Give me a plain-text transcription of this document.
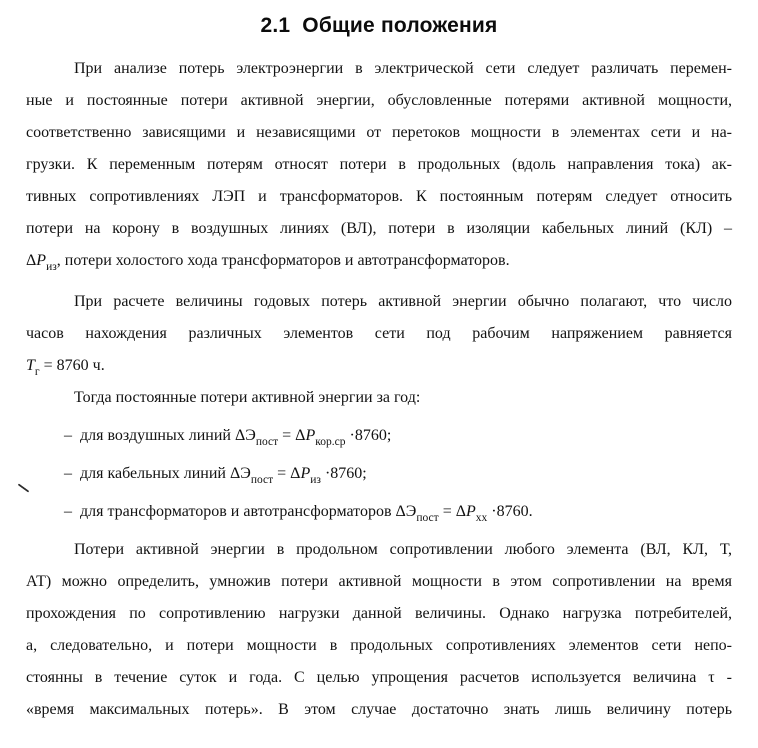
2.1 Общие положения
При анализе потерь электроэнергии в электрической сети следует различать перемен-
ные и постоянные потери активной энергии, обусловленные потерями активной мощности,
соответственно зависящими и независящими от перетоков мощности в элементах сети и на-
грузки. К переменным потерям относят потери в продольных (вдоль направления тока) ак-
тивных сопротивлениях ЛЭП и трансформаторов. К постоянным потерям следует относить
потери на корону в воздушных линиях (ВЛ), потери в изоляции кабельных линий (КЛ) –
$\Delta P_{из}$, потери холостого хода трансформаторов и автотрансформаторов.
При расчете величины годовых потерь активной энергии обычно полагают, что число
часов нахождения различных элементов сети под рабочим напряжением равняется
$T_г = 8760$ ч.
Тогда постоянные потери активной энергии за год:
–  для воздушных линий $\Delta Э_{пост} = \Delta P_{кор.ср} \cdot 8760$;
–  для кабельных линий $\Delta Э_{пост} = \Delta P_{из} \cdot 8760$;
–  для трансформаторов и автотрансформаторов $\Delta Э_{пост} = \Delta P_{хх} \cdot 8760$.
Потери активной энергии в продольном сопротивлении любого элемента (ВЛ, КЛ, Т,
АТ) можно определить, умножив потери активной мощности в этом сопротивлении на время
прохождения по сопротивлению нагрузки данной величины. Однако нагрузка потребителей,
а, следовательно, и потери мощности в продольных сопротивлениях элементов сети непо-
стоянны в течение суток и года. С целью упрощения расчетов используется величина τ -
«время максимальных потерь». В этом случае достаточно знать лишь величину потерь
